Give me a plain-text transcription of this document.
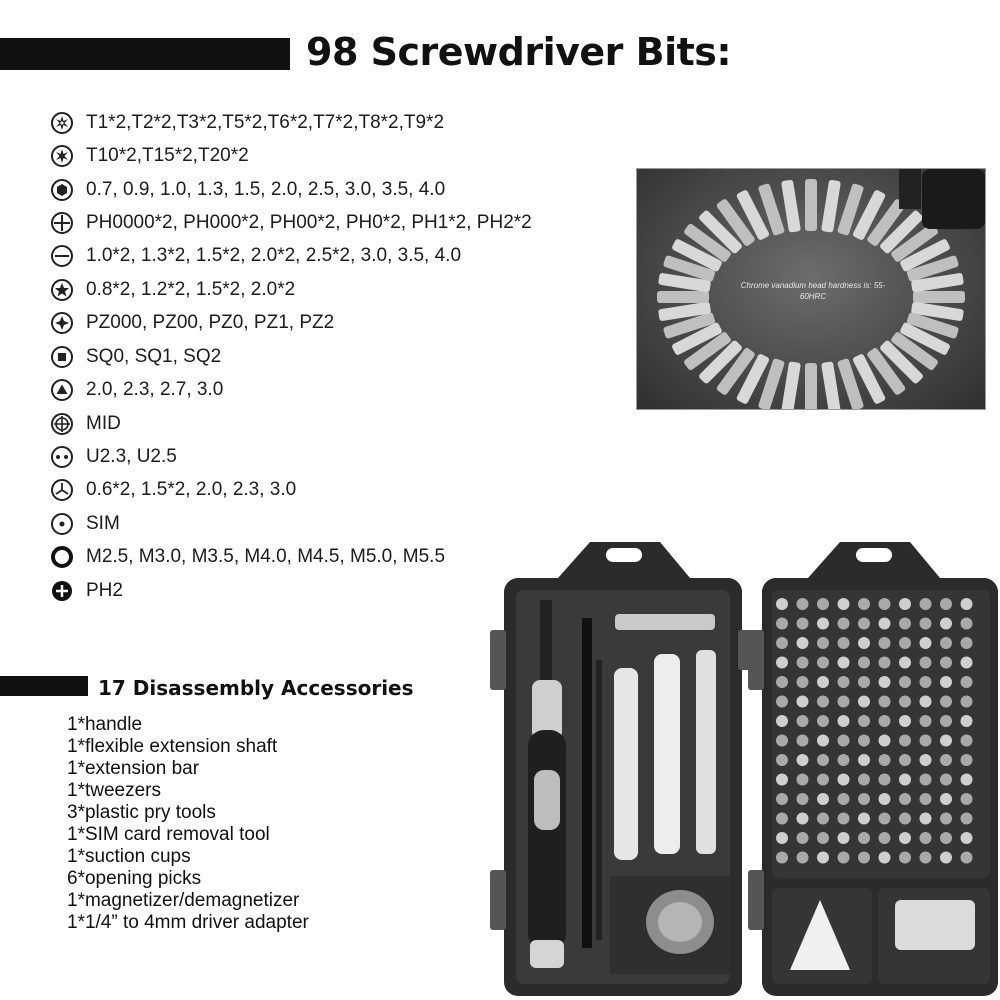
98 Screwdriver Bits:
T1*2,T2*2,T3*2,T5*2,T6*2,T7*2,T8*2,T9*2
T10*2,T15*2,T20*2
0.7, 0.9, 1.0, 1.3, 1.5, 2.0, 2.5, 3.0, 3.5, 4.0
PH0000*2, PH000*2, PH00*2, PH0*2, PH1*2, PH2*2
1.0*2, 1.3*2, 1.5*2, 2.0*2, 2.5*2, 3.0, 3.5, 4.0
0.8*2, 1.2*2, 1.5*2, 2.0*2
PZ000, PZ00, PZ0, PZ1, PZ2
SQ0, SQ1, SQ2
2.0, 2.3, 2.7, 3.0
MID
U2.3, U2.5
0.6*2, 1.5*2, 2.0, 2.3, 3.0
SIM
M2.5, M3.0, M3.5, M4.0, M4.5, M5.0, M5.5
PH2
Chrome vanadium head hardness is: 55-60HRC
17 Disassembly Accessories
1*handle
1*flexible extension shaft
1*extension bar
1*tweezers
3*plastic pry tools
1*SIM card removal tool
1*suction cups
6*opening picks
1*magnetizer/demagnetizer
1*1/4” to 4mm driver adapter
